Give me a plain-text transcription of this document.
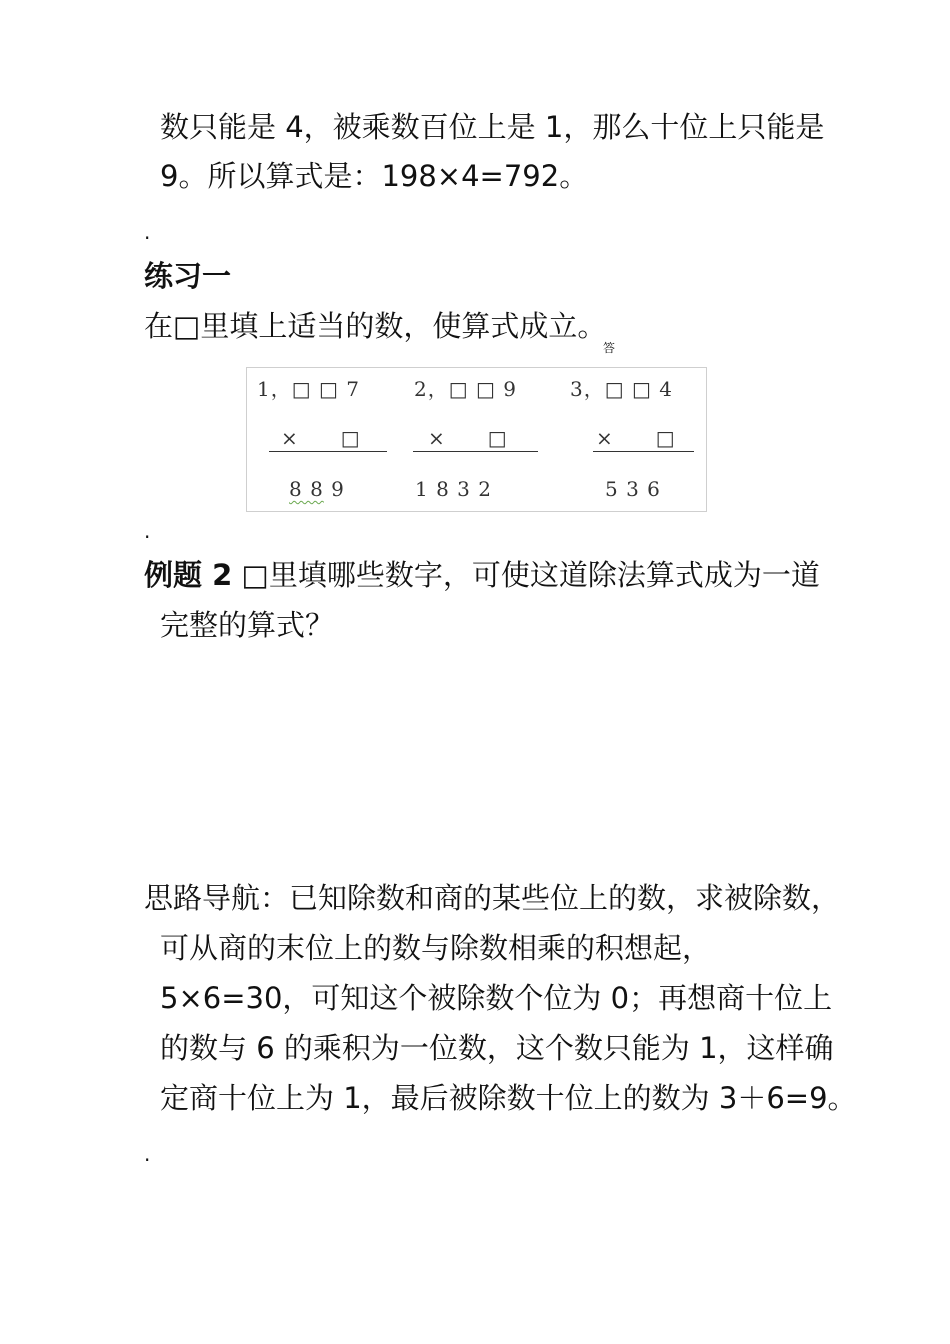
数只能是 4，被乘数百位上是 1，那么十位上只能是
9。所以算式是：198×4=792。
.
练习一
在□里填上适当的数，使算式成立。
答
1，□ □ 7
×　　□
8 8 9
2，□ □ 9
×　　□
1 8 3 2
3，□ □ 4
×　　□
5 3 6
.
例题 2 □里填哪些数字，可使这道除法算式成为一道
完整的算式？
思路导航：已知除数和商的某些位上的数，求被除数，
可从商的末位上的数与除数相乘的积想起，
5×6=30，可知这个被除数个位为 0；再想商十位上
的数与 6 的乘积为一位数，这个数只能为 1，这样确
定商十位上为 1，最后被除数十位上的数为 3＋6=9。
.
